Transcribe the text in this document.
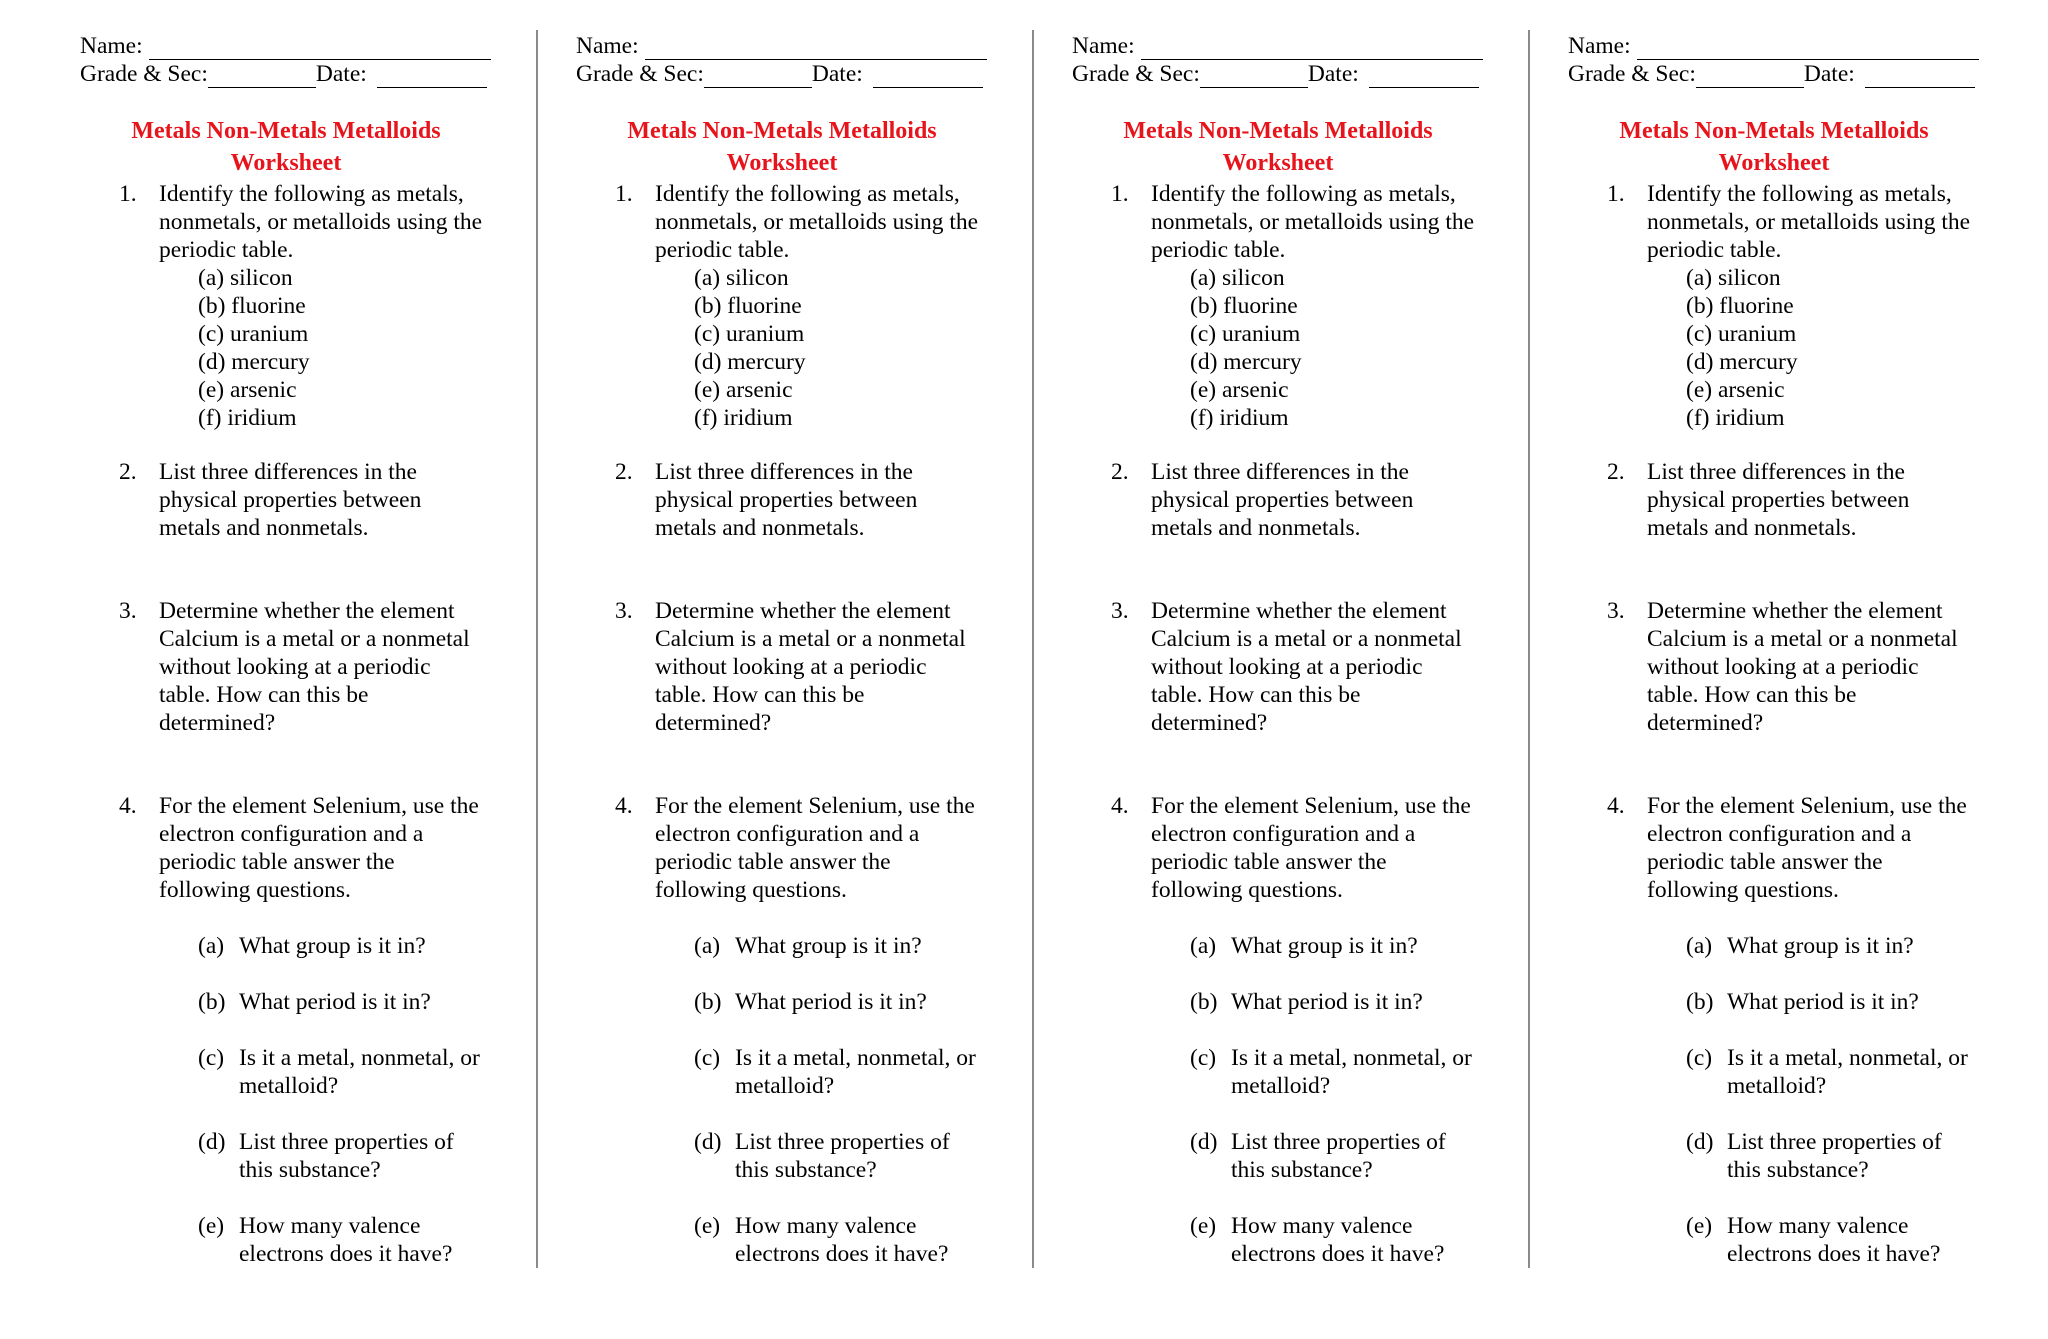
Name:
Grade & Sec:	Date:
Metals Non-Metals Metalloids
Worksheet
1. Identify the following as metals,
nonmetals, or metalloids using the
periodic table.
(a) silicon
(b) fluorine
(c) uranium
(d) mercury
(e) arsenic
(f) iridium
2. List three differences in the
physical properties between
metals and nonmetals.
3. Determine whether the element
Calcium is a metal or a nonmetal
without looking at a periodic
table. How can this be
determined?
4. For the element Selenium, use the
electron configuration and a
periodic table answer the
following questions.
(a) What group is it in?
(b) What period is it in?
(c) Is it a metal, nonmetal, or
metalloid?
(d) List three properties of
this substance?
(e) How many valence
electrons does it have?
Name:
Grade & Sec:	Date:
Metals Non-Metals Metalloids
Worksheet
1. Identify the following as metals,
nonmetals, or metalloids using the
periodic table.
(a) silicon
(b) fluorine
(c) uranium
(d) mercury
(e) arsenic
(f) iridium
2. List three differences in the
physical properties between
metals and nonmetals.
3. Determine whether the element
Calcium is a metal or a nonmetal
without looking at a periodic
table. How can this be
determined?
4. For the element Selenium, use the
electron configuration and a
periodic table answer the
following questions.
(a) What group is it in?
(b) What period is it in?
(c) Is it a metal, nonmetal, or
metalloid?
(d) List three properties of
this substance?
(e) How many valence
electrons does it have?
Name:
Grade & Sec:	Date:
Metals Non-Metals Metalloids
Worksheet
1. Identify the following as metals,
nonmetals, or metalloids using the
periodic table.
(a) silicon
(b) fluorine
(c) uranium
(d) mercury
(e) arsenic
(f) iridium
2. List three differences in the
physical properties between
metals and nonmetals.
3. Determine whether the element
Calcium is a metal or a nonmetal
without looking at a periodic
table. How can this be
determined?
4. For the element Selenium, use the
electron configuration and a
periodic table answer the
following questions.
(a) What group is it in?
(b) What period is it in?
(c) Is it a metal, nonmetal, or
metalloid?
(d) List three properties of
this substance?
(e) How many valence
electrons does it have?
Name:
Grade & Sec:	Date:
Metals Non-Metals Metalloids
Worksheet
1. Identify the following as metals,
nonmetals, or metalloids using the
periodic table.
(a) silicon
(b) fluorine
(c) uranium
(d) mercury
(e) arsenic
(f) iridium
2. List three differences in the
physical properties between
metals and nonmetals.
3. Determine whether the element
Calcium is a metal or a nonmetal
without looking at a periodic
table. How can this be
determined?
4. For the element Selenium, use the
electron configuration and a
periodic table answer the
following questions.
(a) What group is it in?
(b) What period is it in?
(c) Is it a metal, nonmetal, or
metalloid?
(d) List three properties of
this substance?
(e) How many valence
electrons does it have?
